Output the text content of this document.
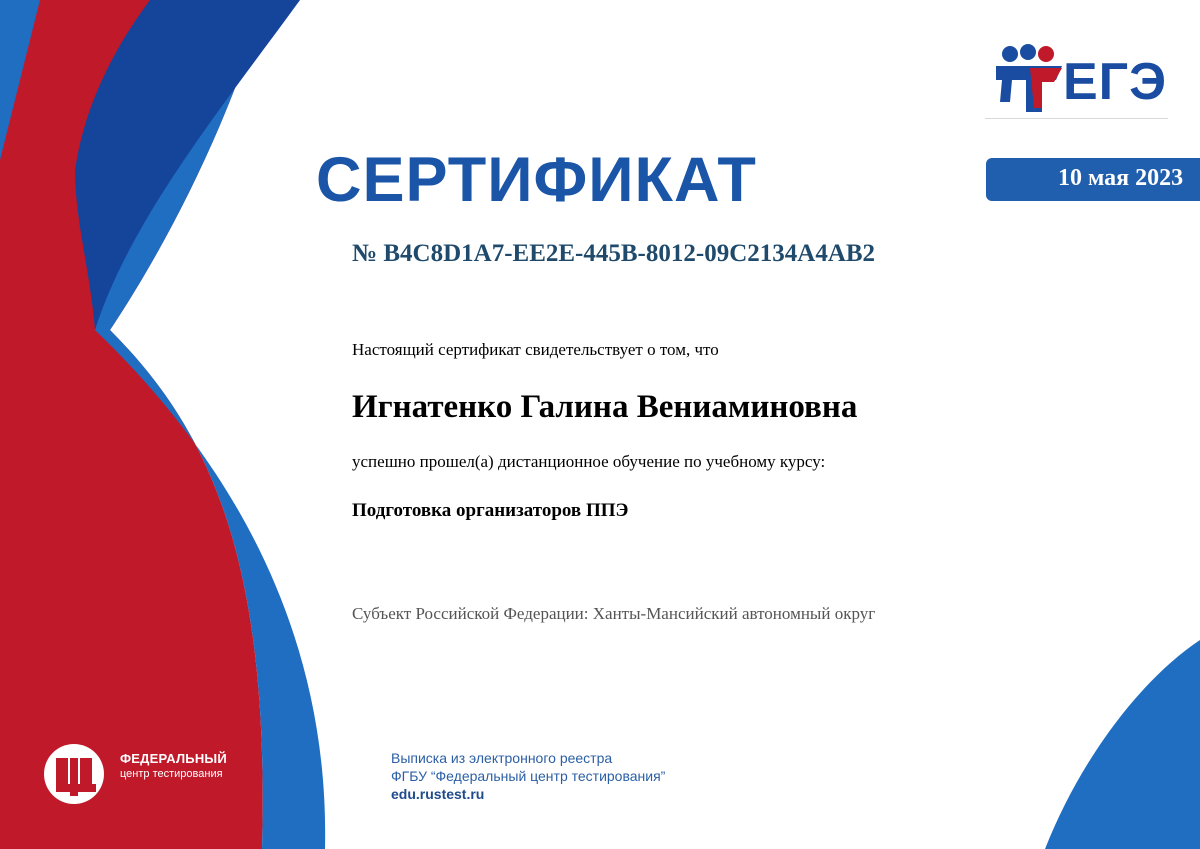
ЕГЭ
10 мая 2023
СЕРТИФИКАТ
№ B4C8D1A7-EE2E-445B-8012-09C2134A4AB2
Настоящий сертификат свидетельствует о том, что
Игнатенко Галина Вениаминовна
успешно прошел(а) дистанционное обучение по учебному курсу:
Подготовка организаторов ППЭ
Субъект Российской Федерации: Ханты-Мансийский автономный округ
ФЕДЕРАЛЬНЫЙ
центр тестирования
Выписка из электронного реестра
ФГБУ “Федеральный центр тестирования”
edu.rustest.ru
